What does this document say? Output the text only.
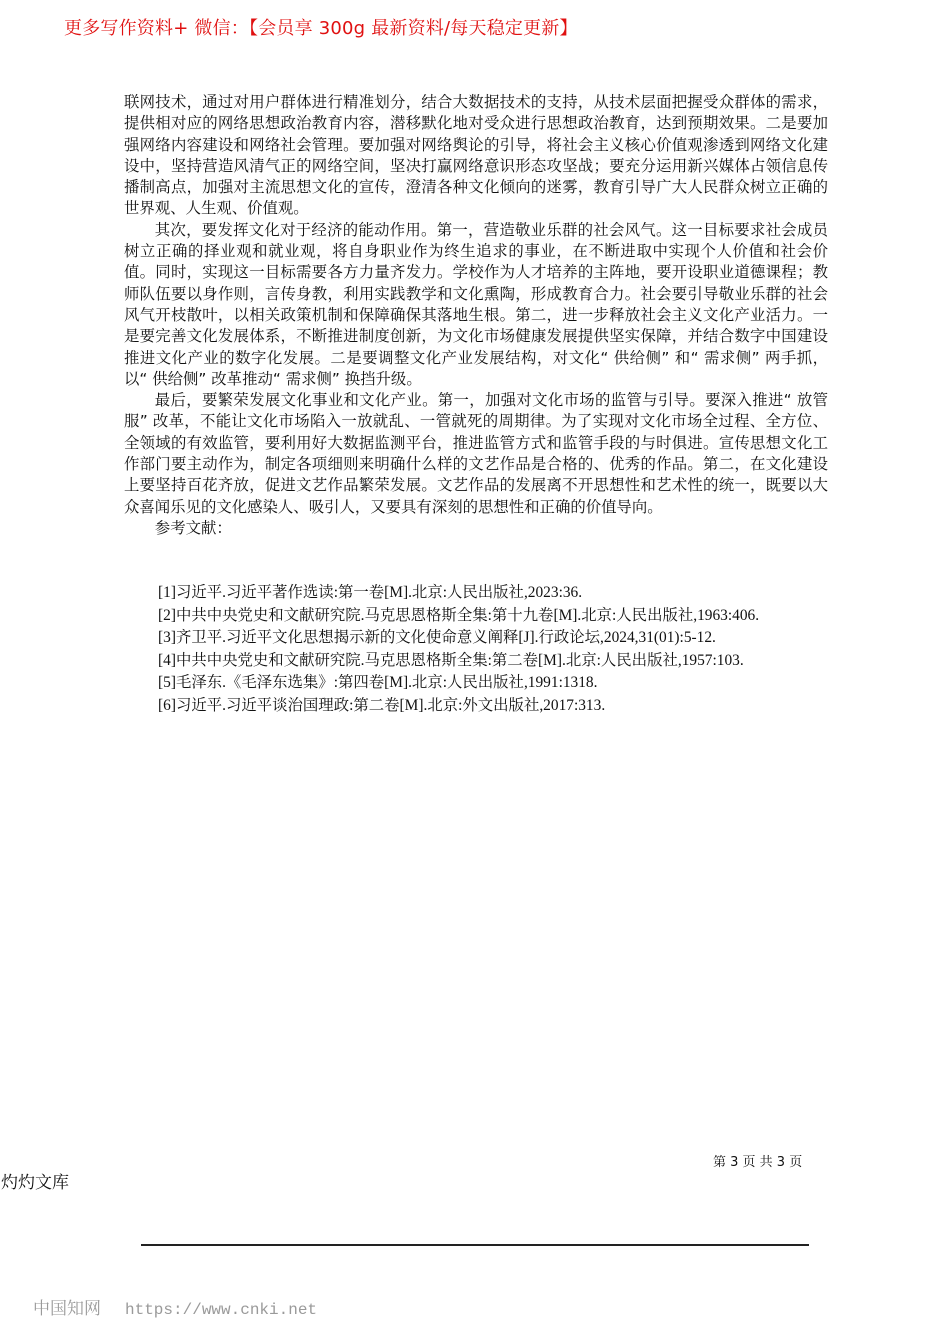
更多写作资料+ 微信：【会员享 300g 最新资料/每天稳定更新】

联网技术，通过对用户群体进行精准划分，结合大数据技术的支持，从技术层面把握受众群体的需求，提供相对应的网络思想政治教育内容，潜移默化地对受众进行思想政治教育，达到预期效果。二是要加强网络内容建设和网络社会管理。要加强对网络舆论的引导，将社会主义核心价值观渗透到网络文化建设中，坚持营造风清气正的网络空间，坚决打赢网络意识形态攻坚战；要充分运用新兴媒体占领信息传播制高点，加强对主流思想文化的宣传，澄清各种文化倾向的迷雾，教育引导广大人民群众树立正确的世界观、人生观、价值观。

其次，要发挥文化对于经济的能动作用。第一，营造敬业乐群的社会风气。这一目标要求社会成员树立正确的择业观和就业观，将自身职业作为终生追求的事业，在不断进取中实现个人价值和社会价值。同时，实现这一目标需要各方力量齐发力。学校作为人才培养的主阵地，要开设职业道德课程；教师队伍要以身作则，言传身教，利用实践教学和文化熏陶，形成教育合力。社会要引导敬业乐群的社会风气开枝散叶，以相关政策机制和保障确保其落地生根。第二，进一步释放社会主义文化产业活力。一是要完善文化发展体系，不断推进制度创新，为文化市场健康发展提供坚实保障，并结合数字中国建设推进文化产业的数字化发展。二是要调整文化产业发展结构，对文化“ 供给侧” 和“ 需求侧” 两手抓，以“ 供给侧” 改革推动“ 需求侧” 换挡升级。

最后，要繁荣发展文化事业和文化产业。第一，加强对文化市场的监管与引导。要深入推进“ 放管服” 改革，不能让文化市场陷入一放就乱、一管就死的周期律。为了实现对文化市场全过程、全方位、全领域的有效监管，要利用好大数据监测平台，推进监管方式和监管手段的与时俱进。宣传思想文化工作部门要主动作为，制定各项细则来明确什么样的文艺作品是合格的、优秀的作品。第二，在文化建设上要坚持百花齐放，促进文艺作品繁荣发展。文艺作品的发展离不开思想性和艺术性的统一，既要以大众喜闻乐见的文化感染人、吸引人，又要具有深刻的思想性和正确的价值导向。

参考文献：

[1]习近平.习近平著作选读:第一卷[M].北京:人民出版社,2023:36.
[2]中共中央党史和文献研究院.马克思恩格斯全集:第十九卷[M].北京:人民出版社,1963:406.
[3]齐卫平.习近平文化思想揭示新的文化使命意义阐释[J].行政论坛,2024,31(01):5-12.
[4]中共中央党史和文献研究院.马克思恩格斯全集:第二卷[M].北京:人民出版社,1957:103.
[5]毛泽东.《毛泽东选集》:第四卷[M].北京:人民出版社,1991:1318.
[6]习近平.习近平谈治国理政:第二卷[M].北京:外文出版社,2017:313.
第 3 页 共 3 页
灼灼文库
中国知网 https://www.cnki.net
